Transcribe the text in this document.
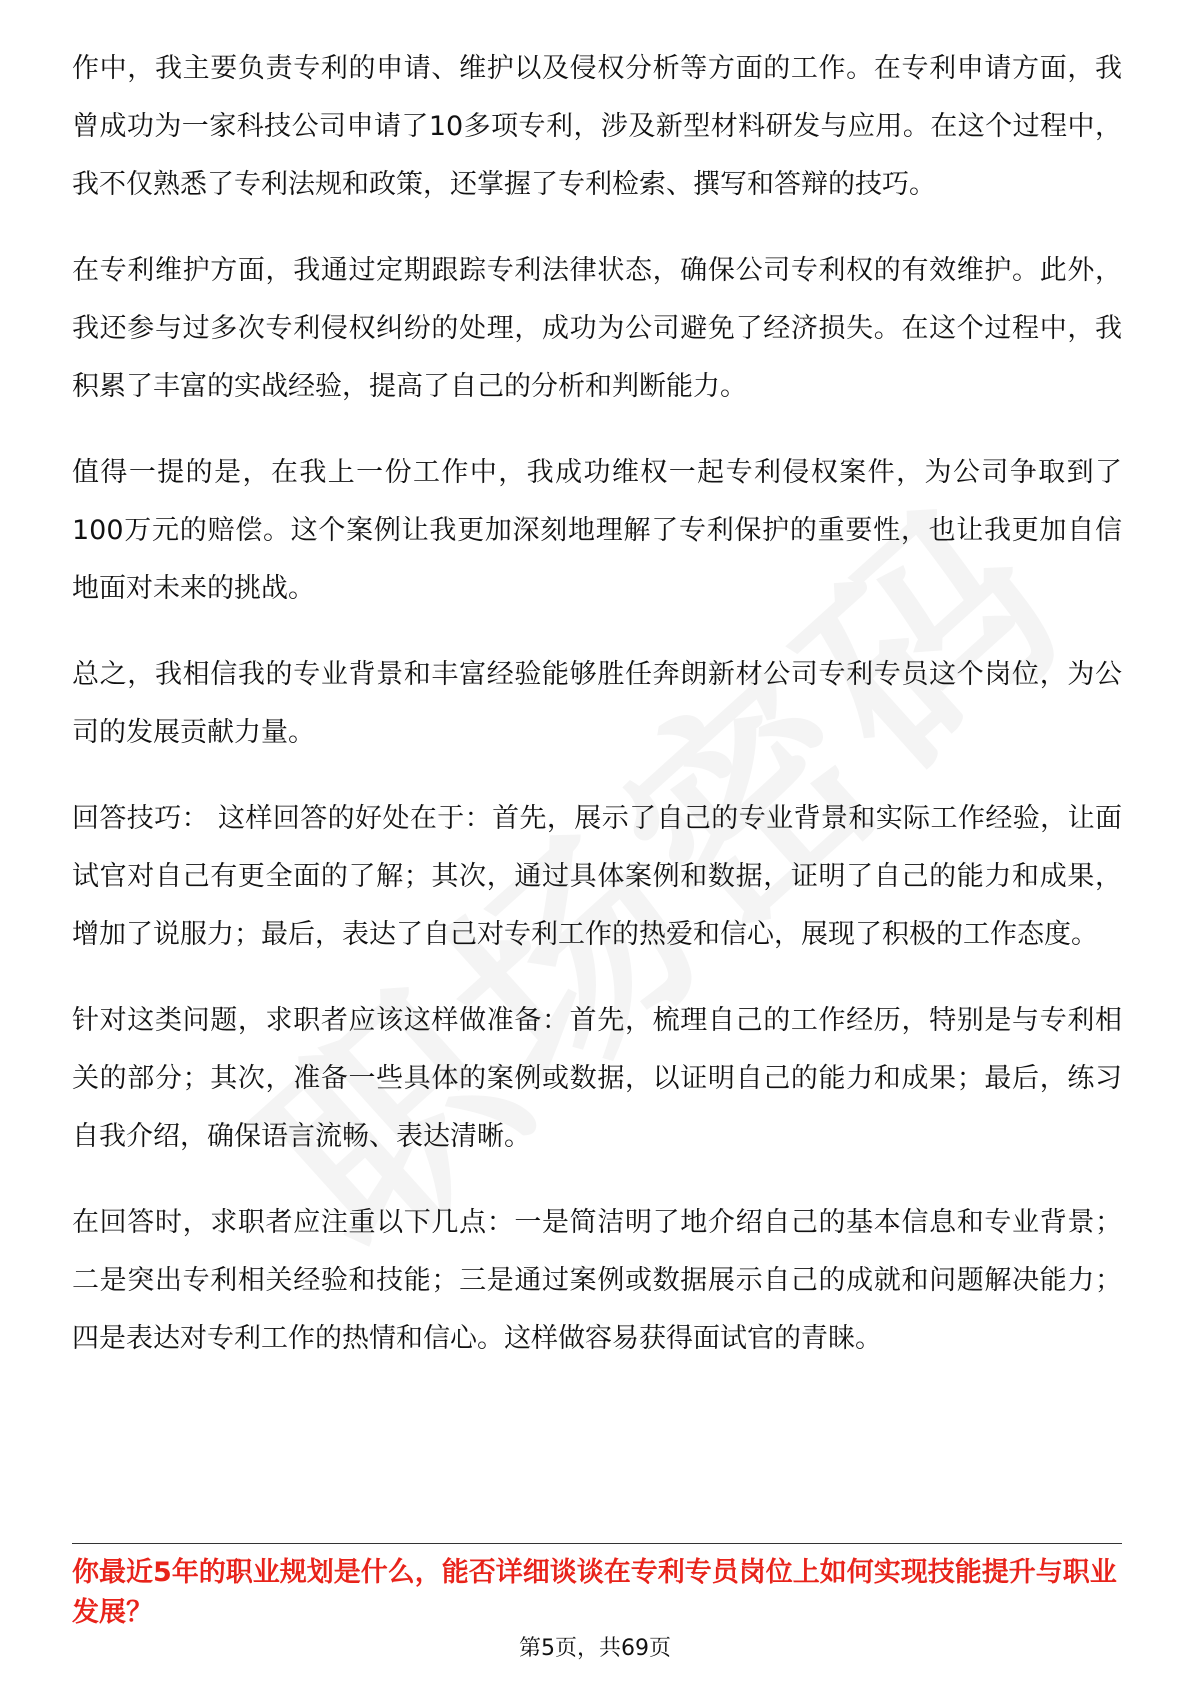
作中，我主要负责专利的申请、维护以及侵权分析等方面的工作。在专利申请方面，我曾成功为一家科技公司申请了10多项专利，涉及新型材料研发与应用。在这个过程中，我不仅熟悉了专利法规和政策，还掌握了专利检索、撰写和答辩的技巧。

在专利维护方面，我通过定期跟踪专利法律状态，确保公司专利权的有效维护。此外，我还参与过多次专利侵权纠纷的处理，成功为公司避免了经济损失。在这个过程中，我积累了丰富的实战经验，提高了自己的分析和判断能力。

值得一提的是，在我上一份工作中，我成功维权一起专利侵权案件，为公司争取到了100万元的赔偿。这个案例让我更加深刻地理解了专利保护的重要性，也让我更加自信地面对未来的挑战。

总之，我相信我的专业背景和丰富经验能够胜任奔朗新材公司专利专员这个岗位，为公司的发展贡献力量。

回答技巧： 这样回答的好处在于：首先，展示了自己的专业背景和实际工作经验，让面试官对自己有更全面的了解；其次，通过具体案例和数据，证明了自己的能力和成果，增加了说服力；最后，表达了自己对专利工作的热爱和信心，展现了积极的工作态度。

针对这类问题，求职者应该这样做准备：首先，梳理自己的工作经历，特别是与专利相关的部分；其次，准备一些具体的案例或数据，以证明自己的能力和成果；最后，练习自我介绍，确保语言流畅、表达清晰。

在回答时，求职者应注重以下几点：一是简洁明了地介绍自己的基本信息和专业背景；二是突出专利相关经验和技能；三是通过案例或数据展示自己的成就和问题解决能力；四是表达对专利工作的热情和信心。这样做容易获得面试官的青睐。

你最近5年的职业规划是什么，能否详细谈谈在专利专员岗位上如何实现技能提升与职业发展？
第5页，共69页
